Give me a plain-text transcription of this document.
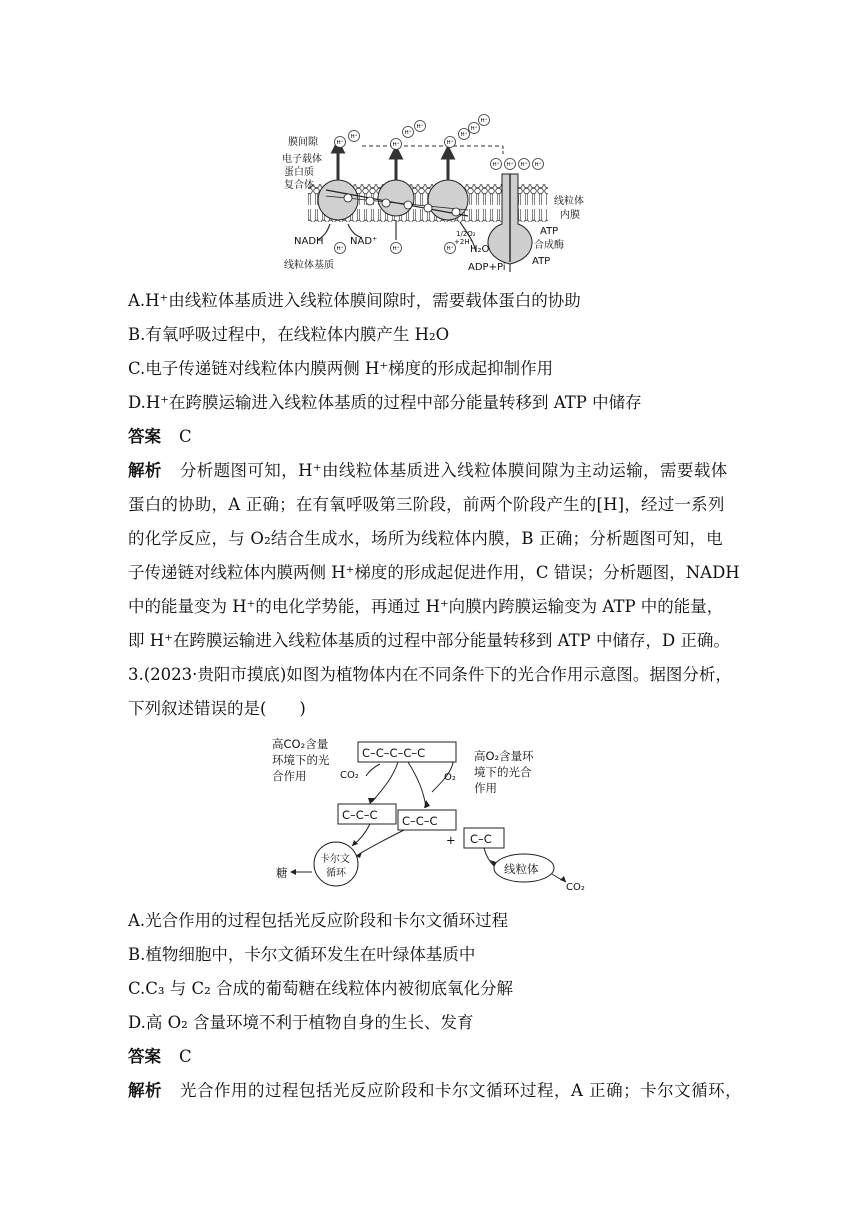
H⁺
H⁺
H⁺
H⁺
H⁺
H⁺
H⁺
H⁺
H⁺
H⁺ H⁺ H⁺ H⁺
H⁺	H⁺	H⁺
膜间隙
电子载体
蛋白质
复合体
线粒体
内膜
NADH	NAD⁺
H₂O
ADP+Pi
ATP
合成酶
ATP
线粒体基质
1/2O₂
+2H⁺
A.H⁺由线粒体基质进入线粒体膜间隙时，需要载体蛋白的协助
B.有氧呼吸过程中，在线粒体内膜产生 H₂O
C.电子传递链对线粒体内膜两侧 H⁺梯度的形成起抑制作用
D.H⁺在跨膜运输进入线粒体基质的过程中部分能量转移到 ATP 中储存
答案 C
解析 分析题图可知，H⁺由线粒体基质进入线粒体膜间隙为主动运输，需要载体
蛋白的协助，A 正确；在有氧呼吸第三阶段，前两个阶段产生的[H]，经过一系列
的化学反应，与 O₂结合生成水，场所为线粒体内膜，B 正确；分析题图可知，电
子传递链对线粒体内膜两侧 H⁺梯度的形成起促进作用，C 错误；分析题图，NADH
中的能量变为 H⁺的电化学势能，再通过 H⁺向膜内跨膜运输变为 ATP 中的能量，
即 H⁺在跨膜运输进入线粒体基质的过程中部分能量转移到 ATP 中储存，D 正确。
3.(2023·贵阳市摸底)如图为植物体内在不同条件下的光合作用示意图。据图分析，
下列叙述错误的是(　　)
高CO₂含量
环境下的光
合作用
C–C–C–C–C
CO₂	O₂
高O₂含量环
境下的光合
作用
C–C–C C–C–C
+ C–C
卡尔文
循环
糖	线粒体
CO₂
A.光合作用的过程包括光反应阶段和卡尔文循环过程
B.植物细胞中，卡尔文循环发生在叶绿体基质中
C.C₃ 与 C₂ 合成的葡萄糖在线粒体内被彻底氧化分解
D.高 O₂ 含量环境不利于植物自身的生长、发育
答案 C
解析 光合作用的过程包括光反应阶段和卡尔文循环过程，A 正确；卡尔文循环，
